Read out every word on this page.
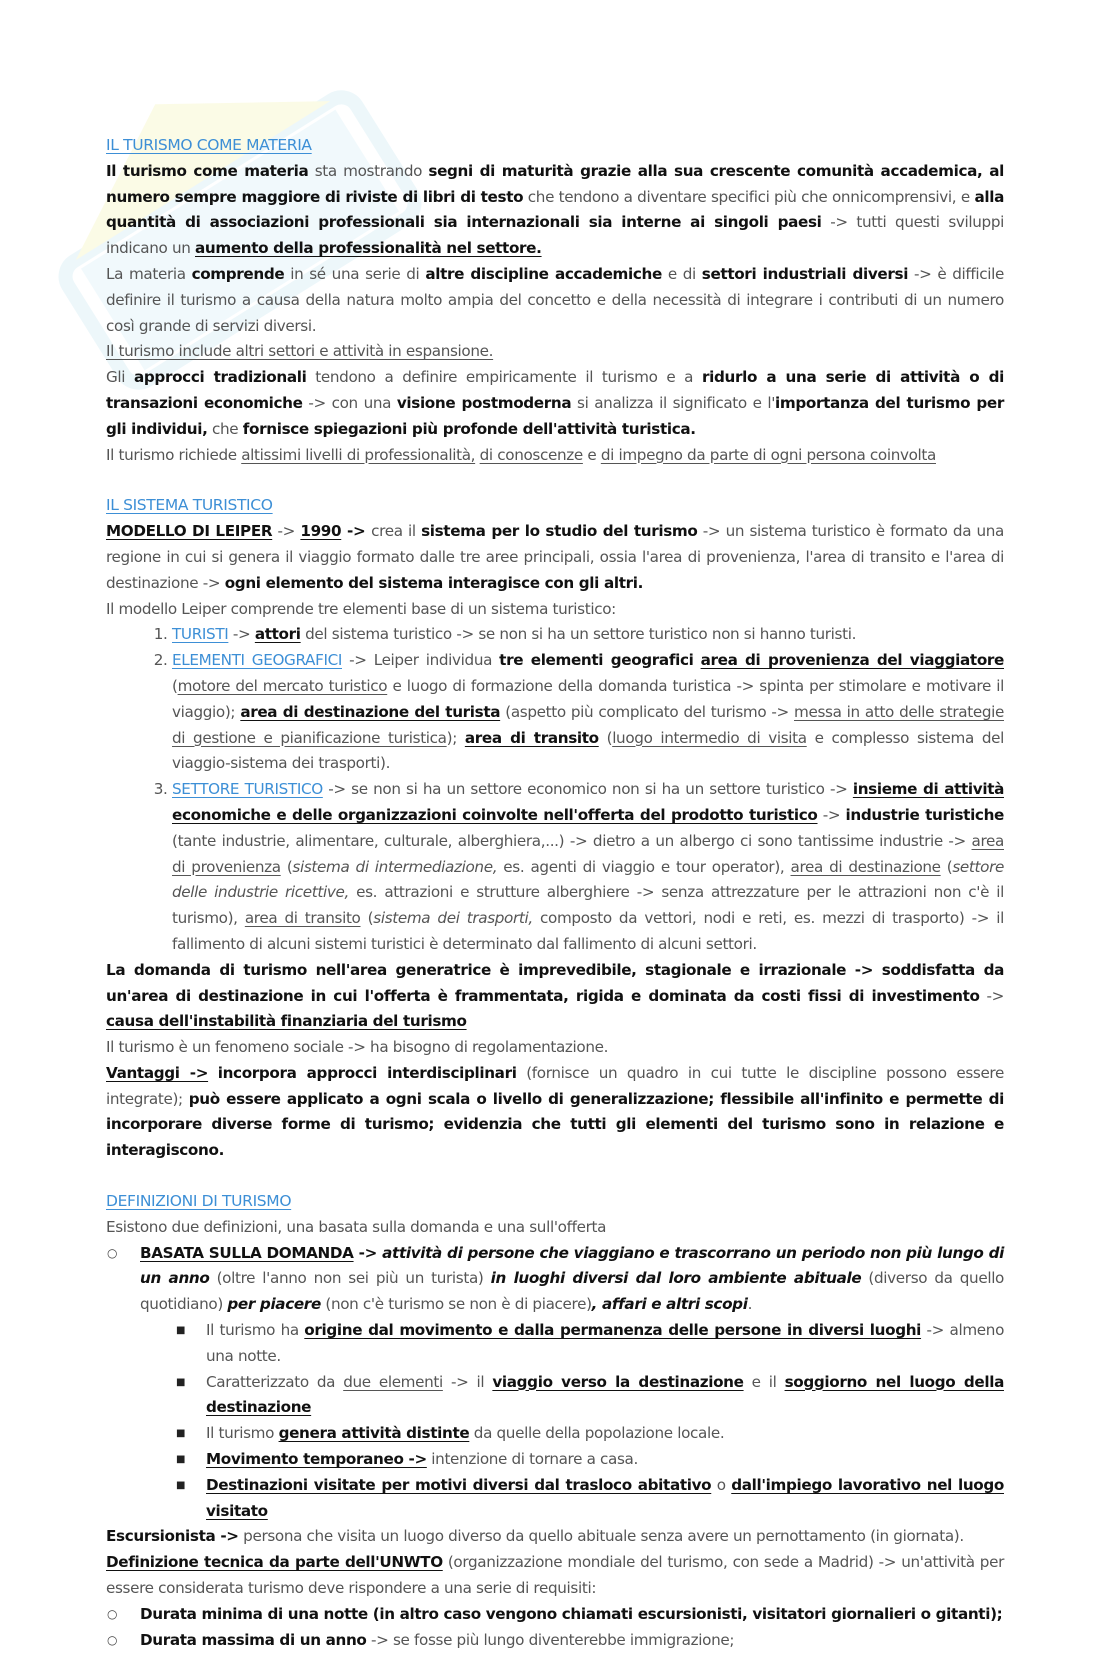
IL TURISMO COME MATERIA

Il turismo come materia sta mostrando segni di maturità grazie alla sua crescente comunità accademica, al numero sempre maggiore di riviste di libri di testo che tendono a diventare specifici più che onnicomprensivi, e alla quantità di associazioni professionali sia internazionali sia interne ai singoli paesi -> tutti questi sviluppi indicano un aumento della professionalità nel settore.

La materia comprende in sé una serie di altre discipline accademiche e di settori industriali diversi -> è difficile definire il turismo a causa della natura molto ampia del concetto e della necessità di integrare i contributi di un numero così grande di servizi diversi.

Il turismo include altri settori e attività in espansione.

Gli approcci tradizionali tendono a definire empiricamente il turismo e a ridurlo a una serie di attività o di transazioni economiche -> con una visione postmoderna si analizza il significato e l'importanza del turismo per gli individui, che fornisce spiegazioni più profonde dell'attività turistica.

Il turismo richiede altissimi livelli di professionalità, di conoscenze e di impegno da parte di ogni persona coinvolta

IL SISTEMA TURISTICO

MODELLO DI LEIPER -> 1990 -> crea il sistema per lo studio del turismo -> un sistema turistico è formato da una regione in cui si genera il viaggio formato dalle tre aree principali, ossia l'area di provenienza, l'area di transito e l'area di destinazione -> ogni elemento del sistema interagisce con gli altri.

Il modello Leiper comprende tre elementi base di un sistema turistico:

1. TURISTI -> attori del sistema turistico -> se non si ha un settore turistico non si hanno turisti.
2. ELEMENTI GEOGRAFICI -> Leiper individua tre elementi geografici area di provenienza del viaggiatore (motore del mercato turistico e luogo di formazione della domanda turistica -> spinta per stimolare e motivare il viaggio); area di destinazione del turista (aspetto più complicato del turismo -> messa in atto delle strategie di gestione e pianificazione turistica); area di transito (luogo intermedio di visita e complesso sistema del viaggio-sistema dei trasporti).
3. SETTORE TURISTICO -> se non si ha un settore economico non si ha un settore turistico -> insieme di attività economiche e delle organizzazioni coinvolte nell'offerta del prodotto turistico -> industrie turistiche (tante industrie, alimentare, culturale, alberghiera,...) -> dietro a un albergo ci sono tantissime industrie -> area di provenienza (sistema di intermediazione, es. agenti di viaggio e tour operator), area di destinazione (settore delle industrie ricettive, es. attrazioni e strutture alberghiere -> senza attrezzature per le attrazioni non c'è il turismo), area di transito (sistema dei trasporti, composto da vettori, nodi e reti, es. mezzi di trasporto) -> il fallimento di alcuni sistemi turistici è determinato dal fallimento di alcuni settori.

La domanda di turismo nell'area generatrice è imprevedibile, stagionale e irrazionale -> soddisfatta da un'area di destinazione in cui l'offerta è frammentata, rigida e dominata da costi fissi di investimento -> causa dell'instabilità finanziaria del turismo

Il turismo è un fenomeno sociale -> ha bisogno di regolamentazione.

Vantaggi -> incorpora approcci interdisciplinari (fornisce un quadro in cui tutte le discipline possono essere integrate); può essere applicato a ogni scala o livello di generalizzazione; flessibile all'infinito e permette di incorporare diverse forme di turismo; evidenzia che tutti gli elementi del turismo sono in relazione e interagiscono.

DEFINIZIONI DI TURISMO

Esistono due definizioni, una basata sulla domanda e una sull'offerta

○ BASATA SULLA DOMANDA -> attività di persone che viaggiano e trascorrano un periodo non più lungo di un anno (oltre l'anno non sei più un turista) in luoghi diversi dal loro ambiente abituale (diverso da quello quotidiano) per piacere (non c'è turismo se non è di piacere), affari e altri scopi.
■ Il turismo ha origine dal movimento e dalla permanenza delle persone in diversi luoghi -> almeno una notte.
■ Caratterizzato da due elementi -> il viaggio verso la destinazione e il soggiorno nel luogo della destinazione
■ Il turismo genera attività distinte da quelle della popolazione locale.
■ Movimento temporaneo -> intenzione di tornare a casa.
■ Destinazioni visitate per motivi diversi dal trasloco abitativo o dall'impiego lavorativo nel luogo visitato

Escursionista -> persona che visita un luogo diverso da quello abituale senza avere un pernottamento (in giornata).

Definizione tecnica da parte dell'UNWTO (organizzazione mondiale del turismo, con sede a Madrid) -> un'attività per essere considerata turismo deve rispondere a una serie di requisiti:

○ Durata minima di una notte (in altro caso vengono chiamati escursionisti, visitatori giornalieri o gitanti);
○ Durata massima di un anno -> se fosse più lungo diventerebbe immigrazione;
